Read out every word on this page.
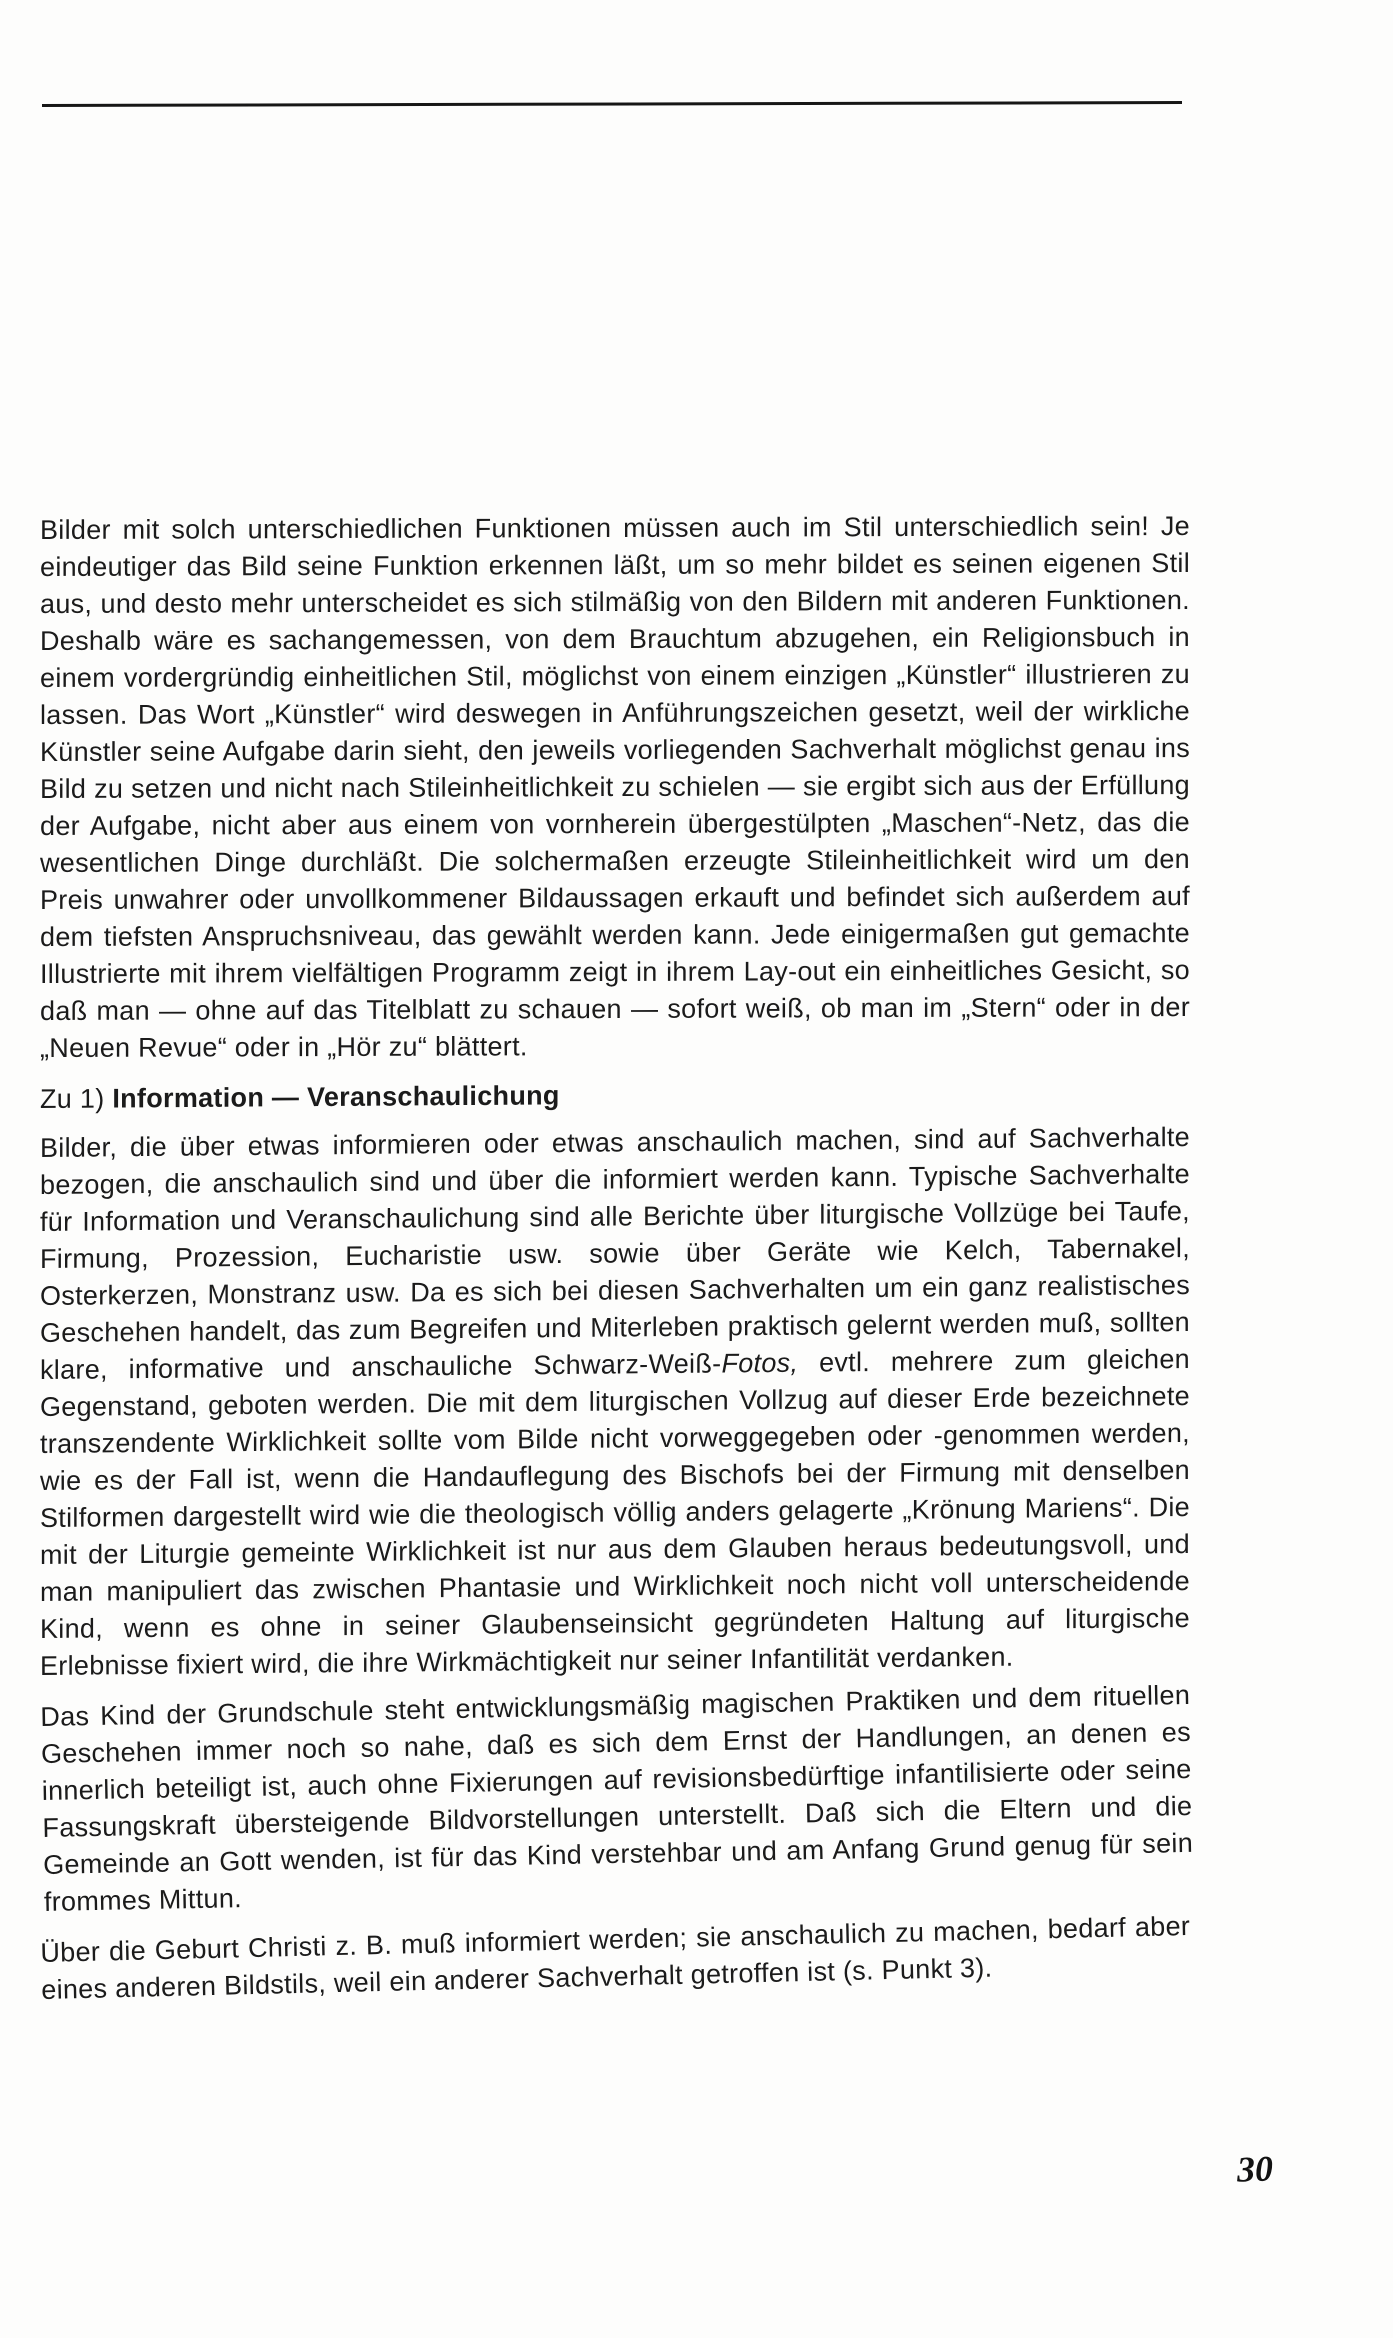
Bilder mit solch unterschiedlichen Funktionen müssen auch im Stil unterschiedlich sein! Je eindeutiger das Bild seine Funktion erkennen läßt, um so mehr bildet es seinen eigenen Stil aus, und desto mehr unterscheidet es sich stilmäßig von den Bildern mit anderen Funktionen. Deshalb wäre es sachangemessen, von dem Brauchtum abzugehen, ein Religionsbuch in einem vordergründig einheitlichen Stil, möglichst von einem einzigen „Künstler“ illustrieren zu lassen. Das Wort „Künstler“ wird deswegen in Anführungszeichen gesetzt, weil der wirkliche Künstler seine Aufgabe darin sieht, den jeweils vorliegenden Sachverhalt möglichst genau ins Bild zu setzen und nicht nach Stileinheitlichkeit zu schielen — sie ergibt sich aus der Erfüllung der Aufgabe, nicht aber aus einem von vornherein übergestülpten „Maschen“-Netz, das die wesentlichen Dinge durchläßt. Die solchermaßen erzeugte Stileinheitlichkeit wird um den Preis unwahrer oder unvollkommener Bildaussagen erkauft und befindet sich außerdem auf dem tiefsten Anspruchsniveau, das gewählt werden kann. Jede einigermaßen gut gemachte Illustrierte mit ihrem vielfältigen Programm zeigt in ihrem Lay-out ein einheitliches Gesicht, so daß man — ohne auf das Titelblatt zu schauen — sofort weiß, ob man im „Stern“ oder in der „Neuen Revue“ oder in „Hör zu“ blättert.

Zu 1) Information — Veranschaulichung

Bilder, die über etwas informieren oder etwas anschaulich machen, sind auf Sachverhalte bezogen, die anschaulich sind und über die informiert werden kann. Typische Sachverhalte für Information und Veranschaulichung sind alle Berichte über liturgische Vollzüge bei Taufe, Firmung, Prozession, Eucharistie usw. sowie über Geräte wie Kelch, Tabernakel, Osterkerzen, Monstranz usw. Da es sich bei diesen Sachverhalten um ein ganz realistisches Geschehen handelt, das zum Begreifen und Miterleben praktisch gelernt werden muß, sollten klare, informative und anschauliche Schwarz-Weiß-Fotos, evtl. mehrere zum gleichen Gegenstand, geboten werden. Die mit dem liturgischen Vollzug auf dieser Erde bezeichnete transzendente Wirklichkeit sollte vom Bilde nicht vorweggegeben oder -genommen werden, wie es der Fall ist, wenn die Handauflegung des Bischofs bei der Firmung mit denselben Stilformen dargestellt wird wie die theologisch völlig anders gelagerte „Krönung Mariens“. Die mit der Liturgie gemeinte Wirklichkeit ist nur aus dem Glauben heraus bedeutungsvoll, und man manipuliert das zwischen Phantasie und Wirklichkeit noch nicht voll unterscheidende Kind, wenn es ohne in seiner Glaubenseinsicht gegründeten Haltung auf liturgische Erlebnisse fixiert wird, die ihre Wirkmächtigkeit nur seiner Infantilität verdanken.

Das Kind der Grundschule steht entwicklungsmäßig magischen Praktiken und dem rituellen Geschehen immer noch so nahe, daß es sich dem Ernst der Handlungen, an denen es innerlich beteiligt ist, auch ohne Fixierungen auf revisionsbedürftige infantilisierte oder seine Fassungskraft übersteigende Bildvorstellungen unterstellt. Daß sich die Eltern und die Gemeinde an Gott wenden, ist für das Kind verstehbar und am Anfang Grund genug für sein frommes Mittun.

Über die Geburt Christi z. B. muß informiert werden; sie anschaulich zu machen, bedarf aber eines anderen Bildstils, weil ein anderer Sachverhalt getroffen ist (s. Punkt 3).

30
